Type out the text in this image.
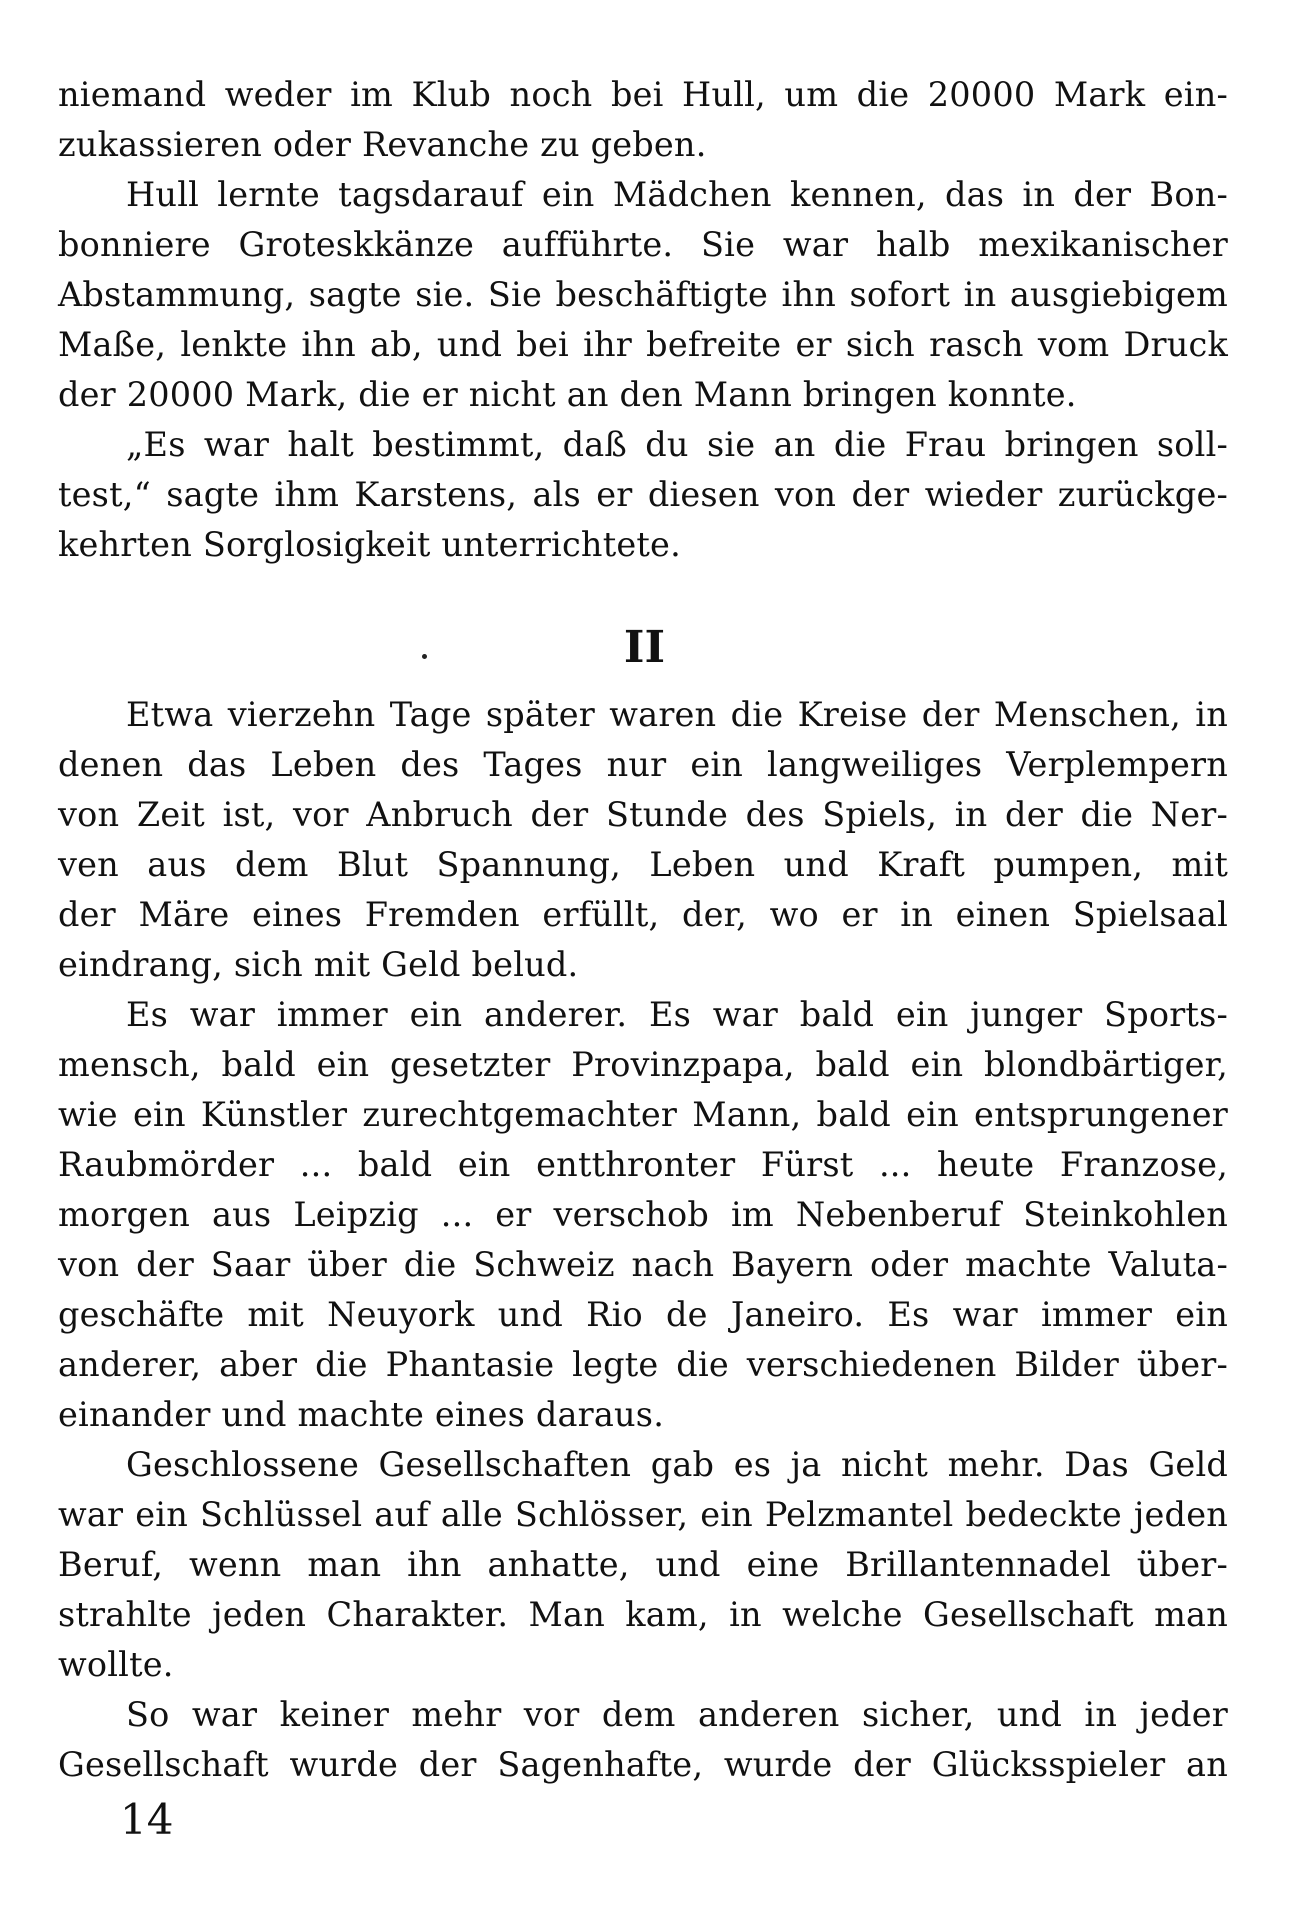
niemand weder im Klub noch bei Hull, um die 20000 Mark ein-
zukassieren oder Revanche zu geben.
Hull lernte tagsdarauf ein Mädchen kennen, das in der Bon-
bonniere Groteskkänze aufführte. Sie war halb mexikanischer
Abstammung, sagte sie. Sie beschäftigte ihn sofort in ausgiebigem
Maße, lenkte ihn ab, und bei ihr befreite er sich rasch vom Druck
der 20000 Mark, die er nicht an den Mann bringen konnte.
„Es war halt bestimmt, daß du sie an die Frau bringen soll-
test,“ sagte ihm Karstens, als er diesen von der wieder zurückge-
kehrten Sorglosigkeit unterrichtete.
II
Etwa vierzehn Tage später waren die Kreise der Menschen, in
denen das Leben des Tages nur ein langweiliges Verplempern
von Zeit ist, vor Anbruch der Stunde des Spiels, in der die Ner-
ven aus dem Blut Spannung, Leben und Kraft pumpen, mit
der Märe eines Fremden erfüllt, der, wo er in einen Spielsaal
eindrang, sich mit Geld belud.
Es war immer ein anderer. Es war bald ein junger Sports-
mensch, bald ein gesetzter Provinzpapa, bald ein blondbärtiger,
wie ein Künstler zurechtgemachter Mann, bald ein entsprungener
Raubmörder ... bald ein entthronter Fürst ... heute Franzose,
morgen aus Leipzig ... er verschob im Nebenberuf Steinkohlen
von der Saar über die Schweiz nach Bayern oder machte Valuta-
geschäfte mit Neuyork und Rio de Janeiro. Es war immer ein
anderer, aber die Phantasie legte die verschiedenen Bilder über-
einander und machte eines daraus.
Geschlossene Gesellschaften gab es ja nicht mehr. Das Geld
war ein Schlüssel auf alle Schlösser, ein Pelzmantel bedeckte jeden
Beruf, wenn man ihn anhatte, und eine Brillantennadel über-
strahlte jeden Charakter. Man kam, in welche Gesellschaft man
wollte.
So war keiner mehr vor dem anderen sicher, und in jeder
Gesellschaft wurde der Sagenhafte, wurde der Glücksspieler an
14
